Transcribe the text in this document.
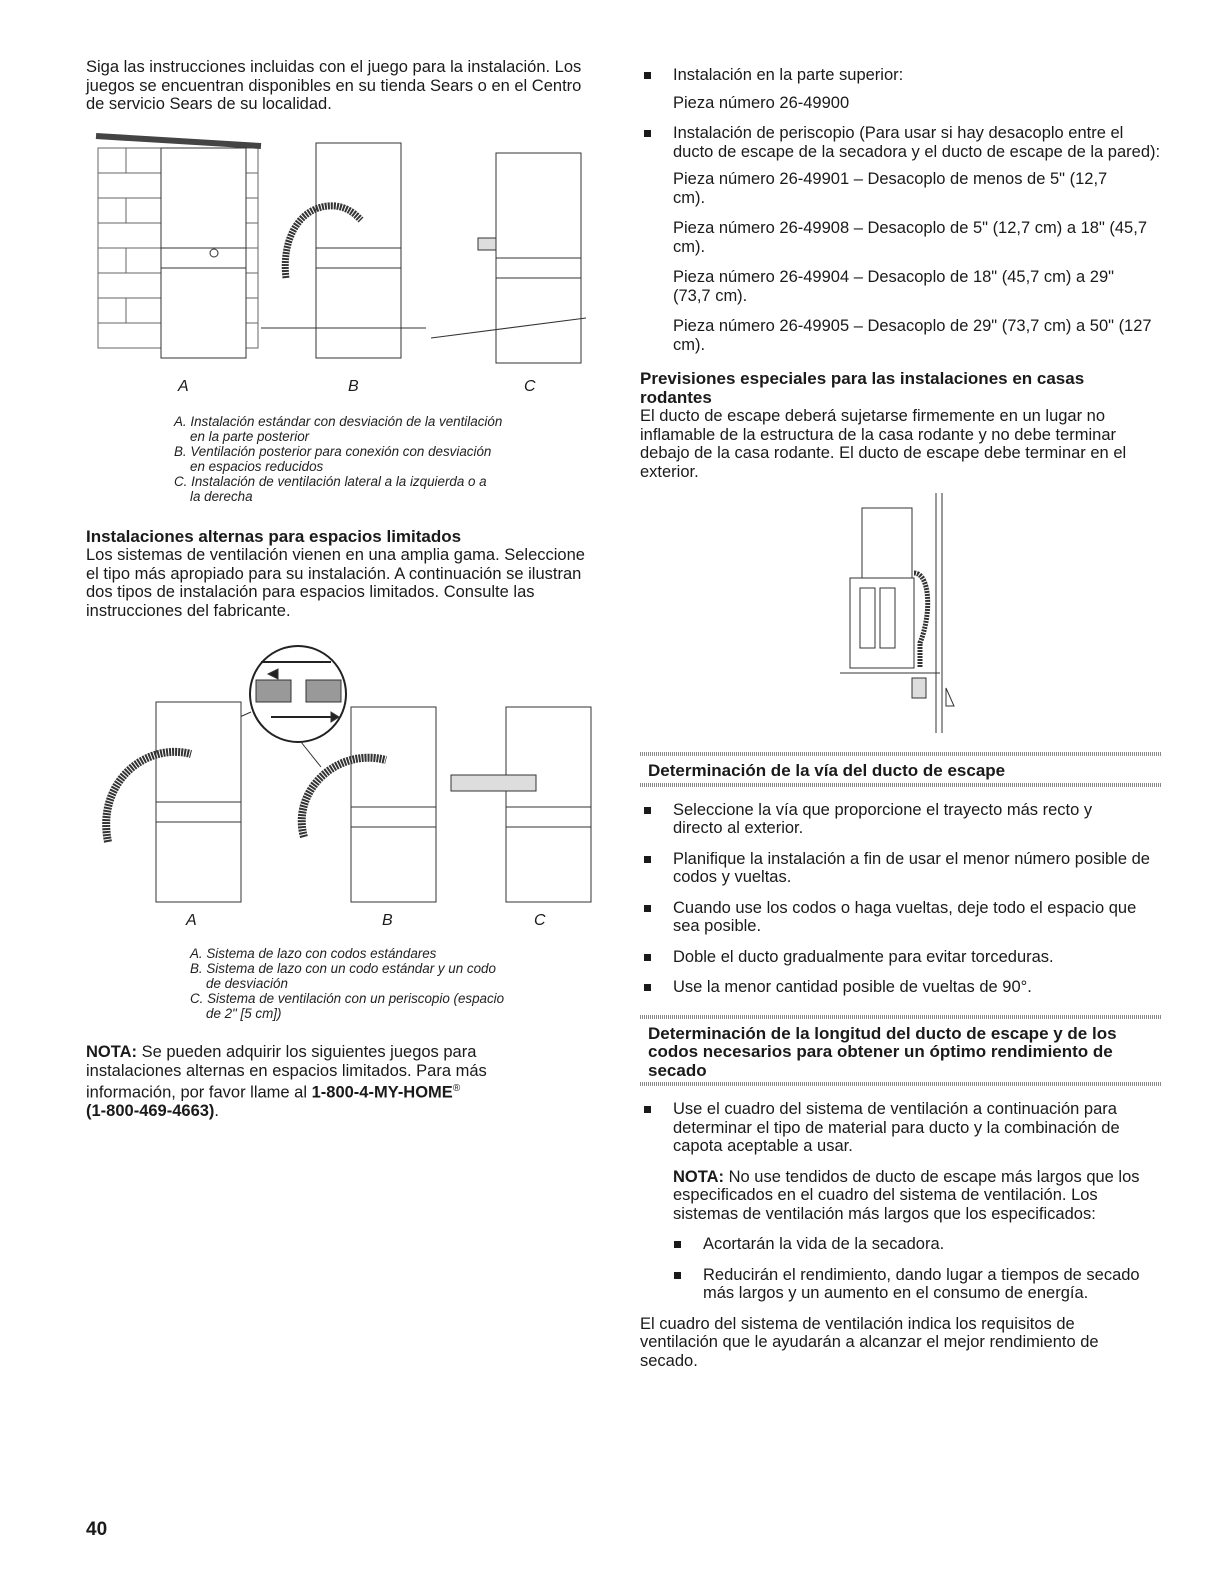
Siga las instrucciones incluidas con el juego para la instalación. Los juegos se encuentran disponibles en su tienda Sears o en el Centro de servicio Sears de su localidad.

A	B	C

A. Instalación estándar con desviación de la ventilación
en la parte posterior

B. Ventilación posterior para conexión con desviación
en espacios reducidos

C. Instalación de ventilación lateral a la izquierda o a
la derecha

Instalaciones alternas para espacios limitados

Los sistemas de ventilación vienen en una amplia gama. Seleccione el tipo más apropiado para su instalación. A continuación se ilustran dos tipos de instalación para espacios limitados. Consulte las instrucciones del fabricante.

A	B	C

A. Sistema de lazo con codos estándares

B. Sistema de lazo con un codo estándar y un codo
de desviación

C. Sistema de ventilación con un periscopio (espacio
de 2" [5 cm])

NOTA: Se pueden adquirir los siguientes juegos para instalaciones alternas en espacios limitados. Para más información, por favor llame al 1-800-4-MY-HOME®
(1-800-469-4663).

Instalación en la parte superior:

Pieza número 26-49900

Instalación de periscopio (Para usar si hay desacoplo entre el ducto de escape de la secadora y el ducto de escape de la pared):

Pieza número 26-49901 – Desacoplo de menos de 5" (12,7 cm).

Pieza número 26-49908 – Desacoplo de 5" (12,7 cm) a 18" (45,7 cm).

Pieza número 26-49904 – Desacoplo de 18" (45,7 cm) a 29" (73,7 cm).

Pieza número 26-49905 – Desacoplo de 29" (73,7 cm) a 50" (127 cm).

Previsiones especiales para las instalaciones en casas rodantes

El ducto de escape deberá sujetarse firmemente en un lugar no inflamable de la estructura de la casa rodante y no debe terminar debajo de la casa rodante. El ducto de escape debe terminar en el exterior.

Determinación de la vía del ducto de escape

Seleccione la vía que proporcione el trayecto más recto y directo al exterior.

Planifique la instalación a fin de usar el menor número posible de codos y vueltas.

Cuando use los codos o haga vueltas, deje todo el espacio que sea posible.

Doble el ducto gradualmente para evitar torceduras.

Use la menor cantidad posible de vueltas de 90°.

Determinación de la longitud del ducto de escape y de los codos necesarios para obtener un óptimo rendimiento de secado

Use el cuadro del sistema de ventilación a continuación para determinar el tipo de material para ducto y la combinación de capota aceptable a usar.

NOTA: No use tendidos de ducto de escape más largos que los especificados en el cuadro del sistema de ventilación. Los sistemas de ventilación más largos que los especificados:

Acortarán la vida de la secadora.

Reducirán el rendimiento, dando lugar a tiempos de secado más largos y un aumento en el consumo de energía.

El cuadro del sistema de ventilación indica los requisitos de ventilación que le ayudarán a alcanzar el mejor rendimiento de secado.

40
